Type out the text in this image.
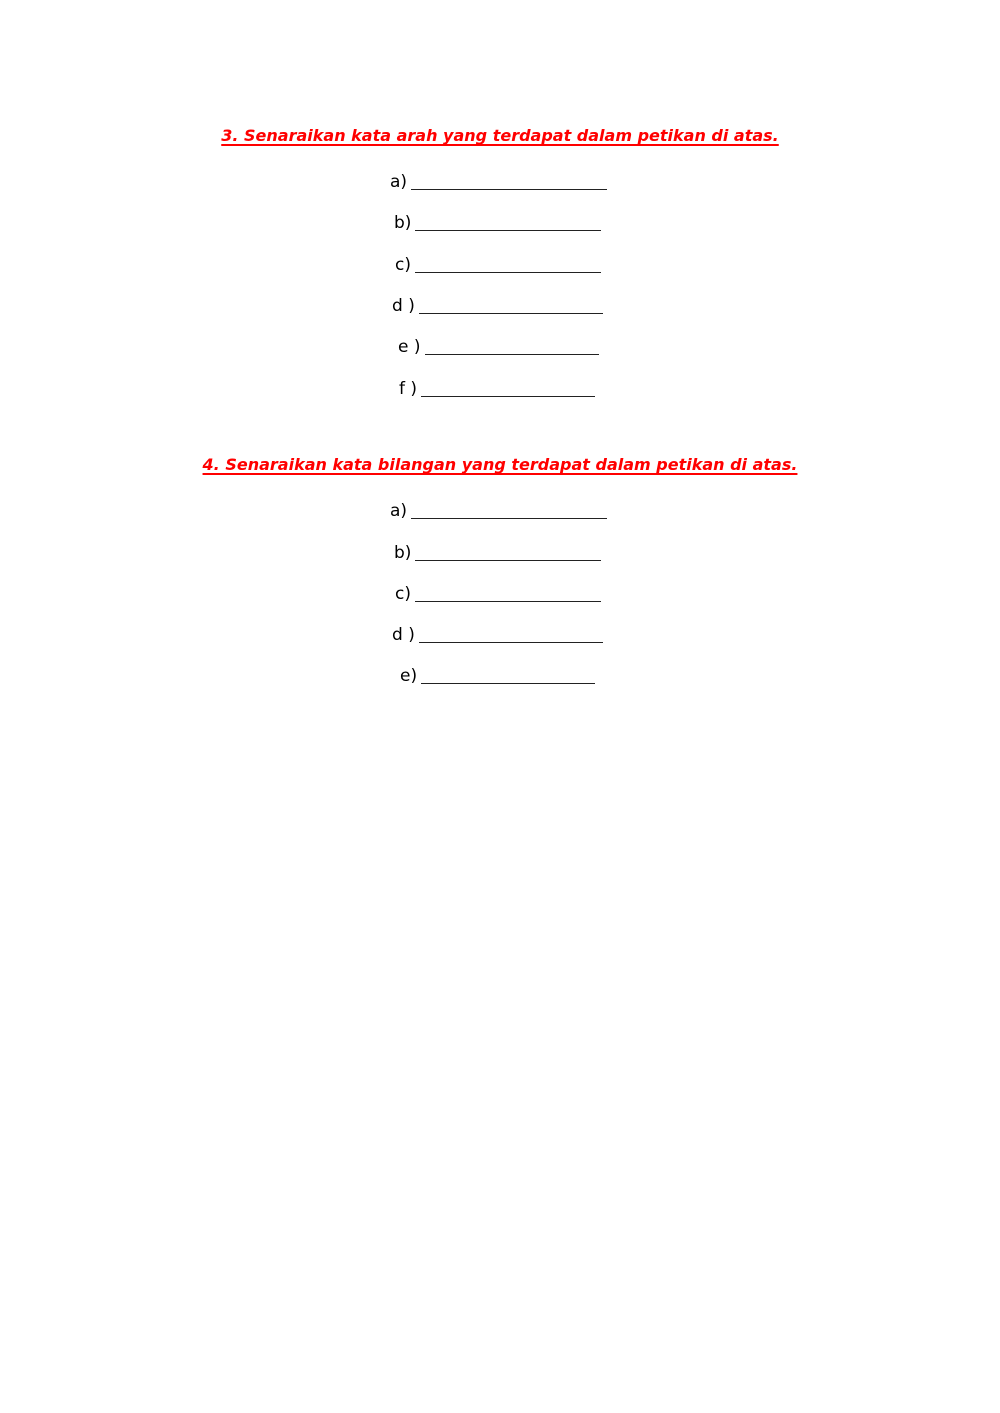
3. Senaraikan kata arah yang terdapat dalam petikan di atas.
a)
b)
c)
d )
e )
f )
4. Senaraikan kata bilangan yang terdapat dalam petikan di atas.
a)
b)
c)
d )
e)
